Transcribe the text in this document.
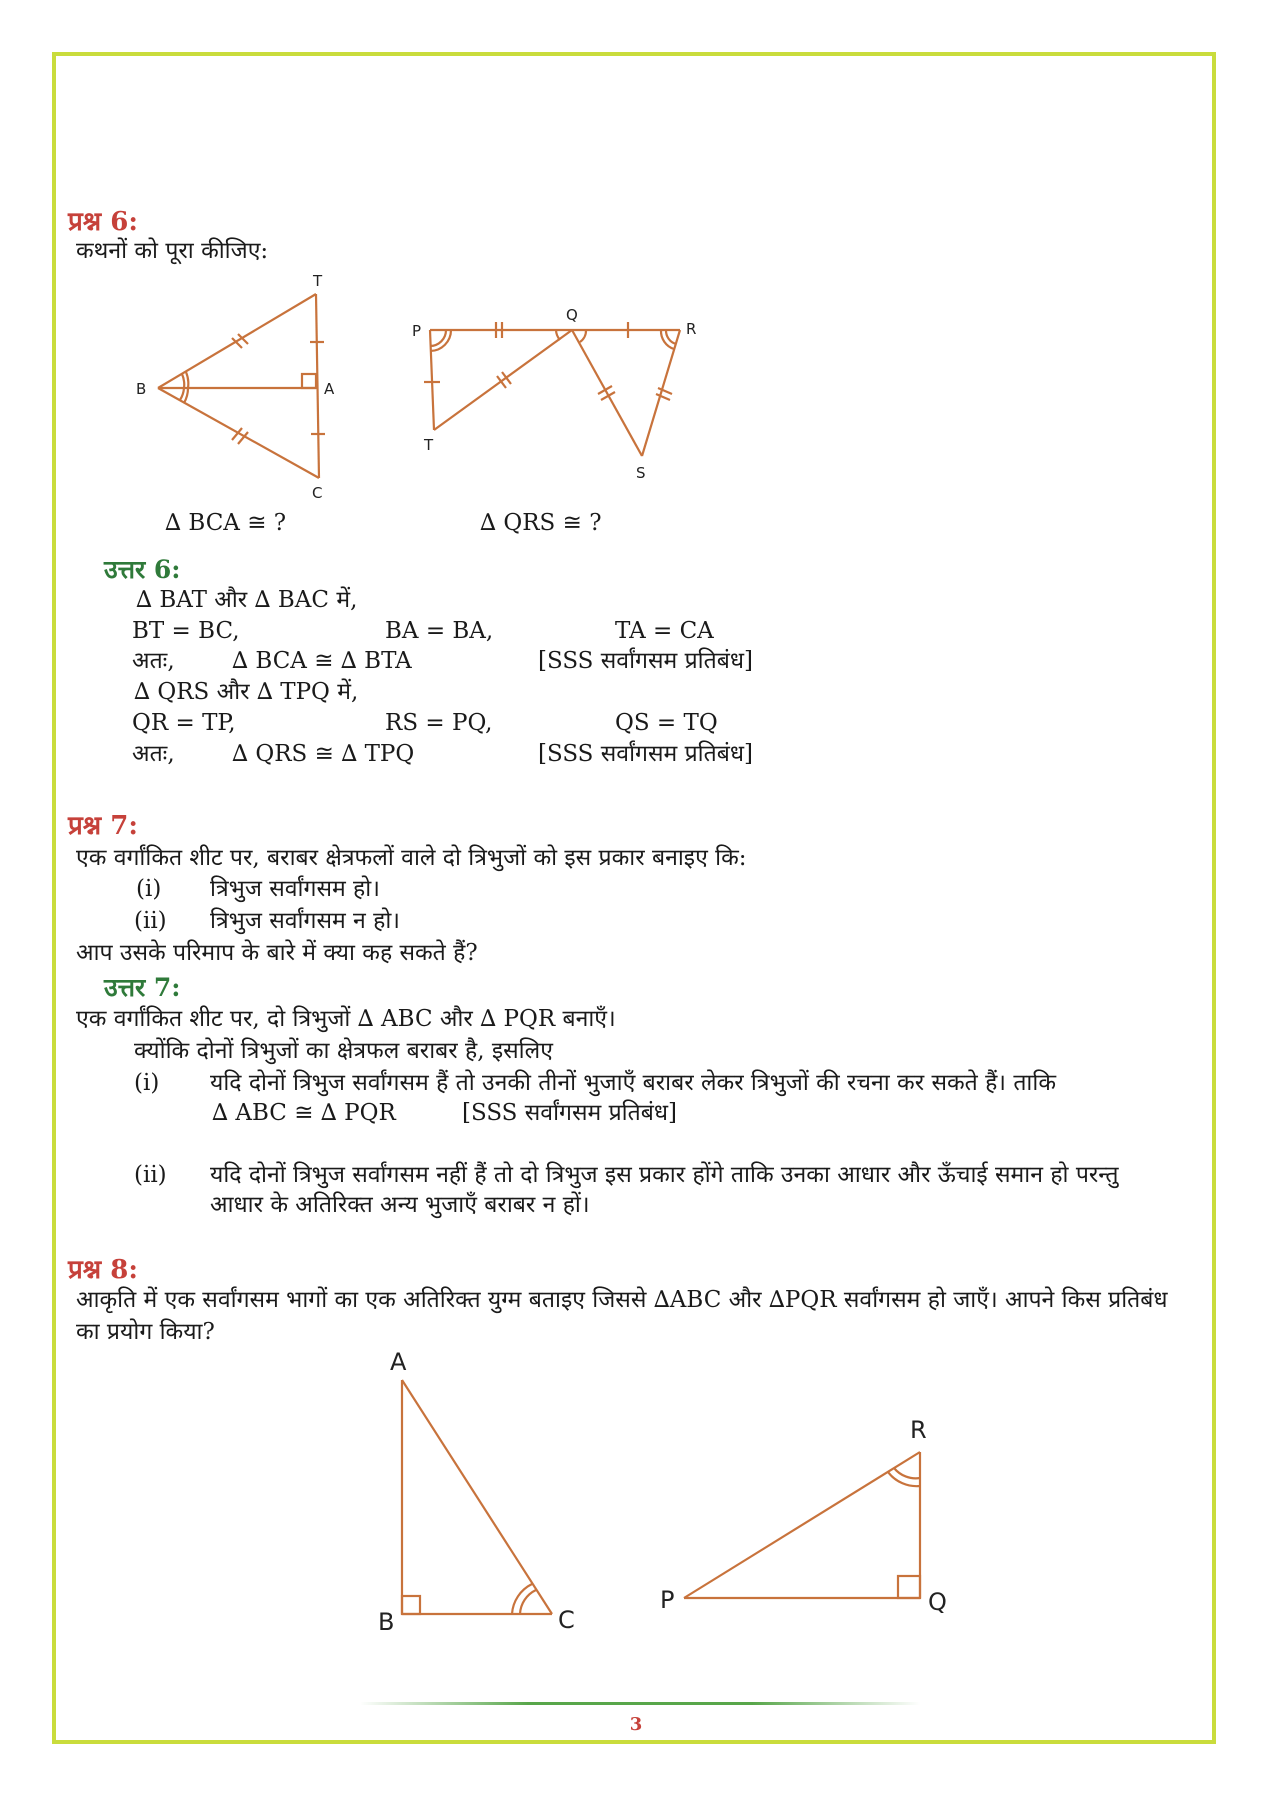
प्रश्न 6:
कथनों को पूरा कीजिए:
T
B	A
C
P
Q
R
T
S
∆ BCA ≅ ?	∆ QRS ≅ ?
उत्तर 6:
∆ BAT और ∆ BAC में,
BT = BC,	BA = BA,	TA = CA
अतः, ∆ BCA ≅ ∆ BTA	[SSS सर्वांगसम प्रतिबंध]
∆ QRS और ∆ TPQ में,
QR = TP,	RS = PQ,	QS = TQ
अतः, ∆ QRS ≅ ∆ TPQ	[SSS सर्वांगसम प्रतिबंध]
प्रश्न 7:
एक वर्गांकित शीट पर, बराबर क्षेत्रफलों वाले दो त्रिभुजों को इस प्रकार बनाइए कि:
(i) त्रिभुज सर्वांगसम हो।
(ii) त्रिभुज सर्वांगसम न हो।
आप उसके परिमाप के बारे में क्या कह सकते हैं?
उत्तर 7:
एक वर्गांकित शीट पर, दो त्रिभुजों ∆ ABC और ∆ PQR बनाएँ।
क्योंकि दोनों त्रिभुजों का क्षेत्रफल बराबर है, इसलिए
(i) यदि दोनों त्रिभुज सर्वांगसम हैं तो उनकी तीनों भुजाएँ बराबर लेकर त्रिभुजों की रचना कर सकते हैं। ताकि
∆ ABC ≅ ∆ PQR	[SSS सर्वांगसम प्रतिबंध]
(ii) यदि दोनों त्रिभुज सर्वांगसम नहीं हैं तो दो त्रिभुज इस प्रकार होंगे ताकि उनका आधार और ऊँचाई समान हो परन्तु
आधार के अतिरिक्त अन्य भुजाएँ बराबर न हों।
प्रश्न 8:
आकृति में एक सर्वांगसम भागों का एक अतिरिक्त युग्म बताइए जिससे ∆ABC और ∆PQR सर्वांगसम हो जाएँ। आपने किस प्रतिबंध
का प्रयोग किया?
A
B	C
P	Q
R
3
